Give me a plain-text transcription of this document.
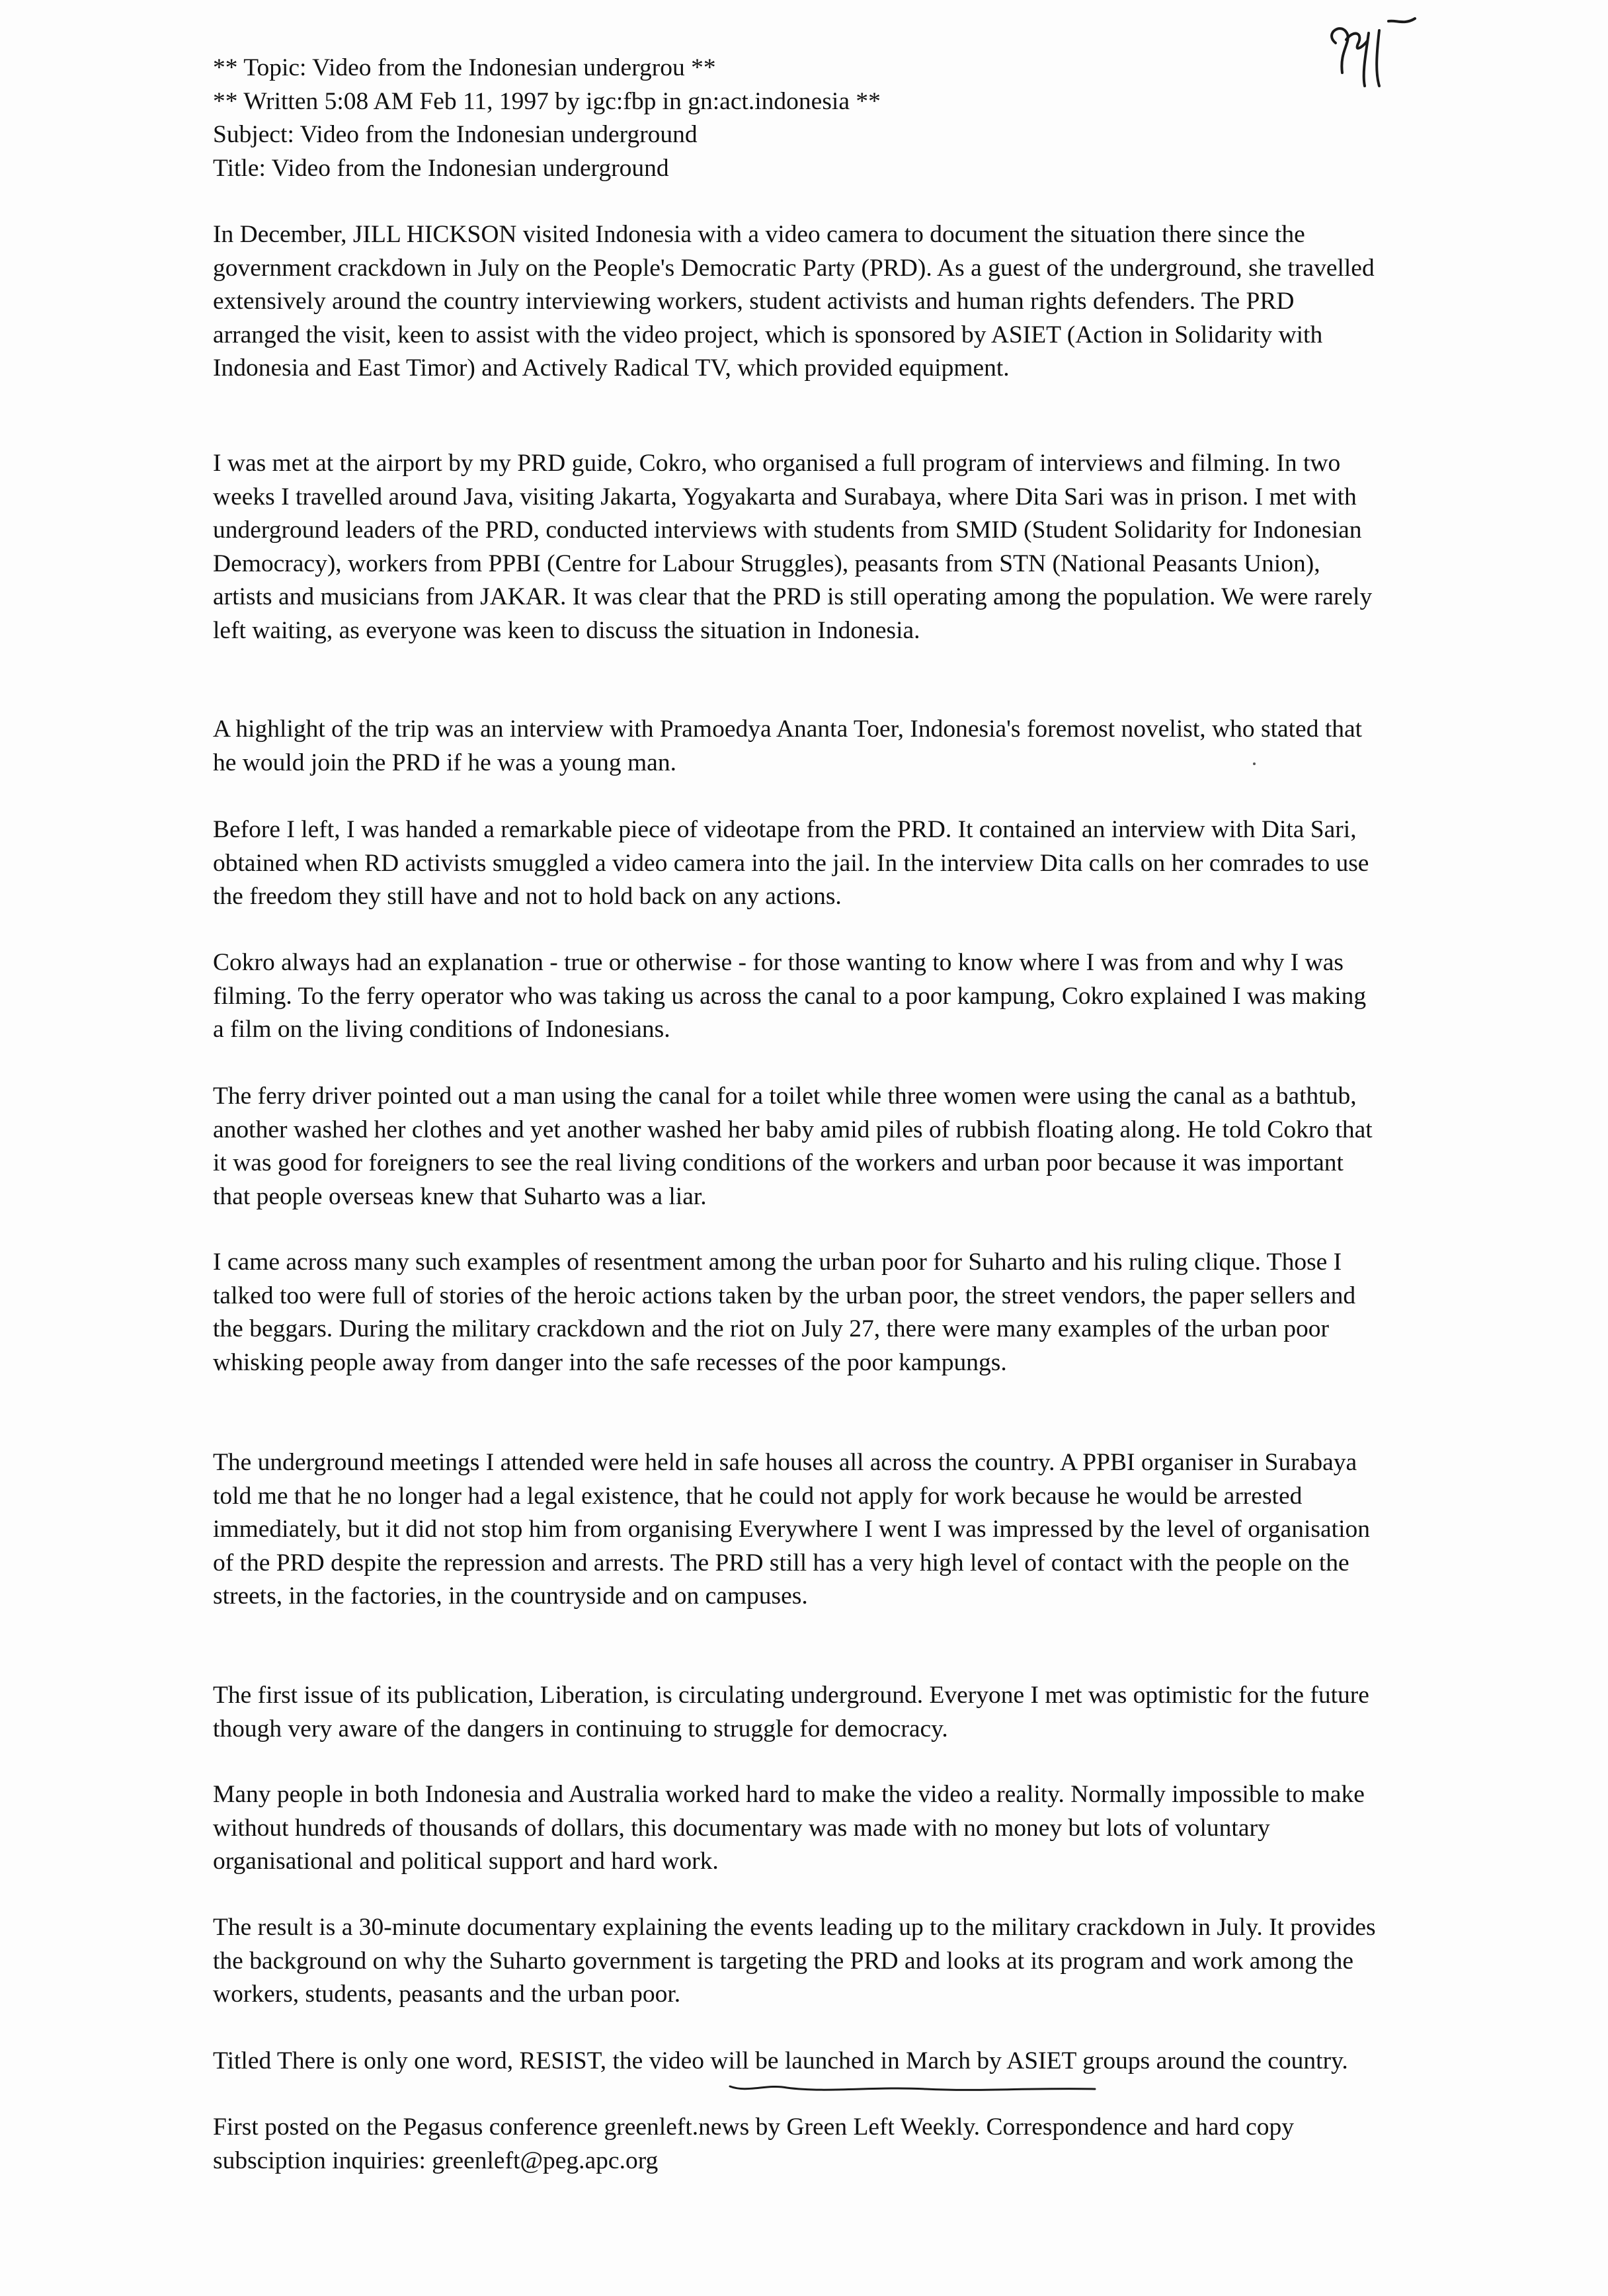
** Topic: Video from the Indonesian undergrou **
** Written 5:08 AM Feb 11, 1997 by igc:fbp in gn:act.indonesia **
Subject: Video from the Indonesian underground
Title: Video from the Indonesian underground

In December, JILL HICKSON visited Indonesia with a video camera to document the situation there since the government crackdown in July on the People's Democratic Party (PRD). As a guest of the underground, she travelled extensively around the country interviewing workers, student activists and human rights defenders. The PRD arranged the visit, keen to assist with the video project, which is sponsored by ASIET (Action in Solidarity with Indonesia and East Timor) and Actively Radical TV, which provided equipment.

I was met at the airport by my PRD guide, Cokro, who organised a full program of interviews and filming. In two weeks I travelled around Java, visiting Jakarta, Yogyakarta and Surabaya, where Dita Sari was in prison. I met with underground leaders of the PRD, conducted interviews with students from SMID (Student Solidarity for Indonesian Democracy), workers from PPBI (Centre for Labour Struggles), peasants from STN (National Peasants Union), artists and musicians from JAKAR. It was clear that the PRD is still operating among the population. We were rarely left waiting, as everyone was keen to discuss the situation in Indonesia.

A highlight of the trip was an interview with Pramoedya Ananta Toer, Indonesia's foremost novelist, who stated that he would join the PRD if he was a young man.

Before I left, I was handed a remarkable piece of videotape from the PRD. It contained an interview with Dita Sari, obtained when RD activists smuggled a video camera into the jail. In the interview Dita calls on her comrades to use the freedom they still have and not to hold back on any actions.

Cokro always had an explanation - true or otherwise - for those wanting to know where I was from and why I was filming. To the ferry operator who was taking us across the canal to a poor kampung, Cokro explained I was making a film on the living conditions of Indonesians.

The ferry driver pointed out a man using the canal for a toilet while three women were using the canal as a bathtub, another washed her clothes and yet another washed her baby amid piles of rubbish floating along. He told Cokro that it was good for foreigners to see the real living conditions of the workers and urban poor because it was important that people overseas knew that Suharto was a liar.

I came across many such examples of resentment among the urban poor for Suharto and his ruling clique. Those I talked too were full of stories of the heroic actions taken by the urban poor, the street vendors, the paper sellers and the beggars. During the military crackdown and the riot on July 27, there were many examples of the urban poor whisking people away from danger into the safe recesses of the poor kampungs.

The underground meetings I attended were held in safe houses all across the country. A PPBI organiser in Surabaya told me that he no longer had a legal existence, that he could not apply for work because he would be arrested immediately, but it did not stop him from organising Everywhere I went I was impressed by the level of organisation of the PRD despite the repression and arrests. The PRD still has a very high level of contact with the people on the streets, in the factories, in the countryside and on campuses.

The first issue of its publication, Liberation, is circulating underground. Everyone I met was optimistic for the future though very aware of the dangers in continuing to struggle for democracy.

Many people in both Indonesia and Australia worked hard to make the video a reality. Normally impossible to make without hundreds of thousands of dollars, this documentary was made with no money but lots of voluntary organisational and political support and hard work.

The result is a 30-minute documentary explaining the events leading up to the military crackdown in July. It provides the background on why the Suharto government is targeting the PRD and looks at its program and work among the workers, students, peasants and the urban poor.

Titled There is only one word, RESIST, the video will be launched in March by ASIET groups around the country.

First posted on the Pegasus conference greenleft.news by Green Left Weekly. Correspondence and hard copy subsciption inquiries: greenleft@peg.apc.org
